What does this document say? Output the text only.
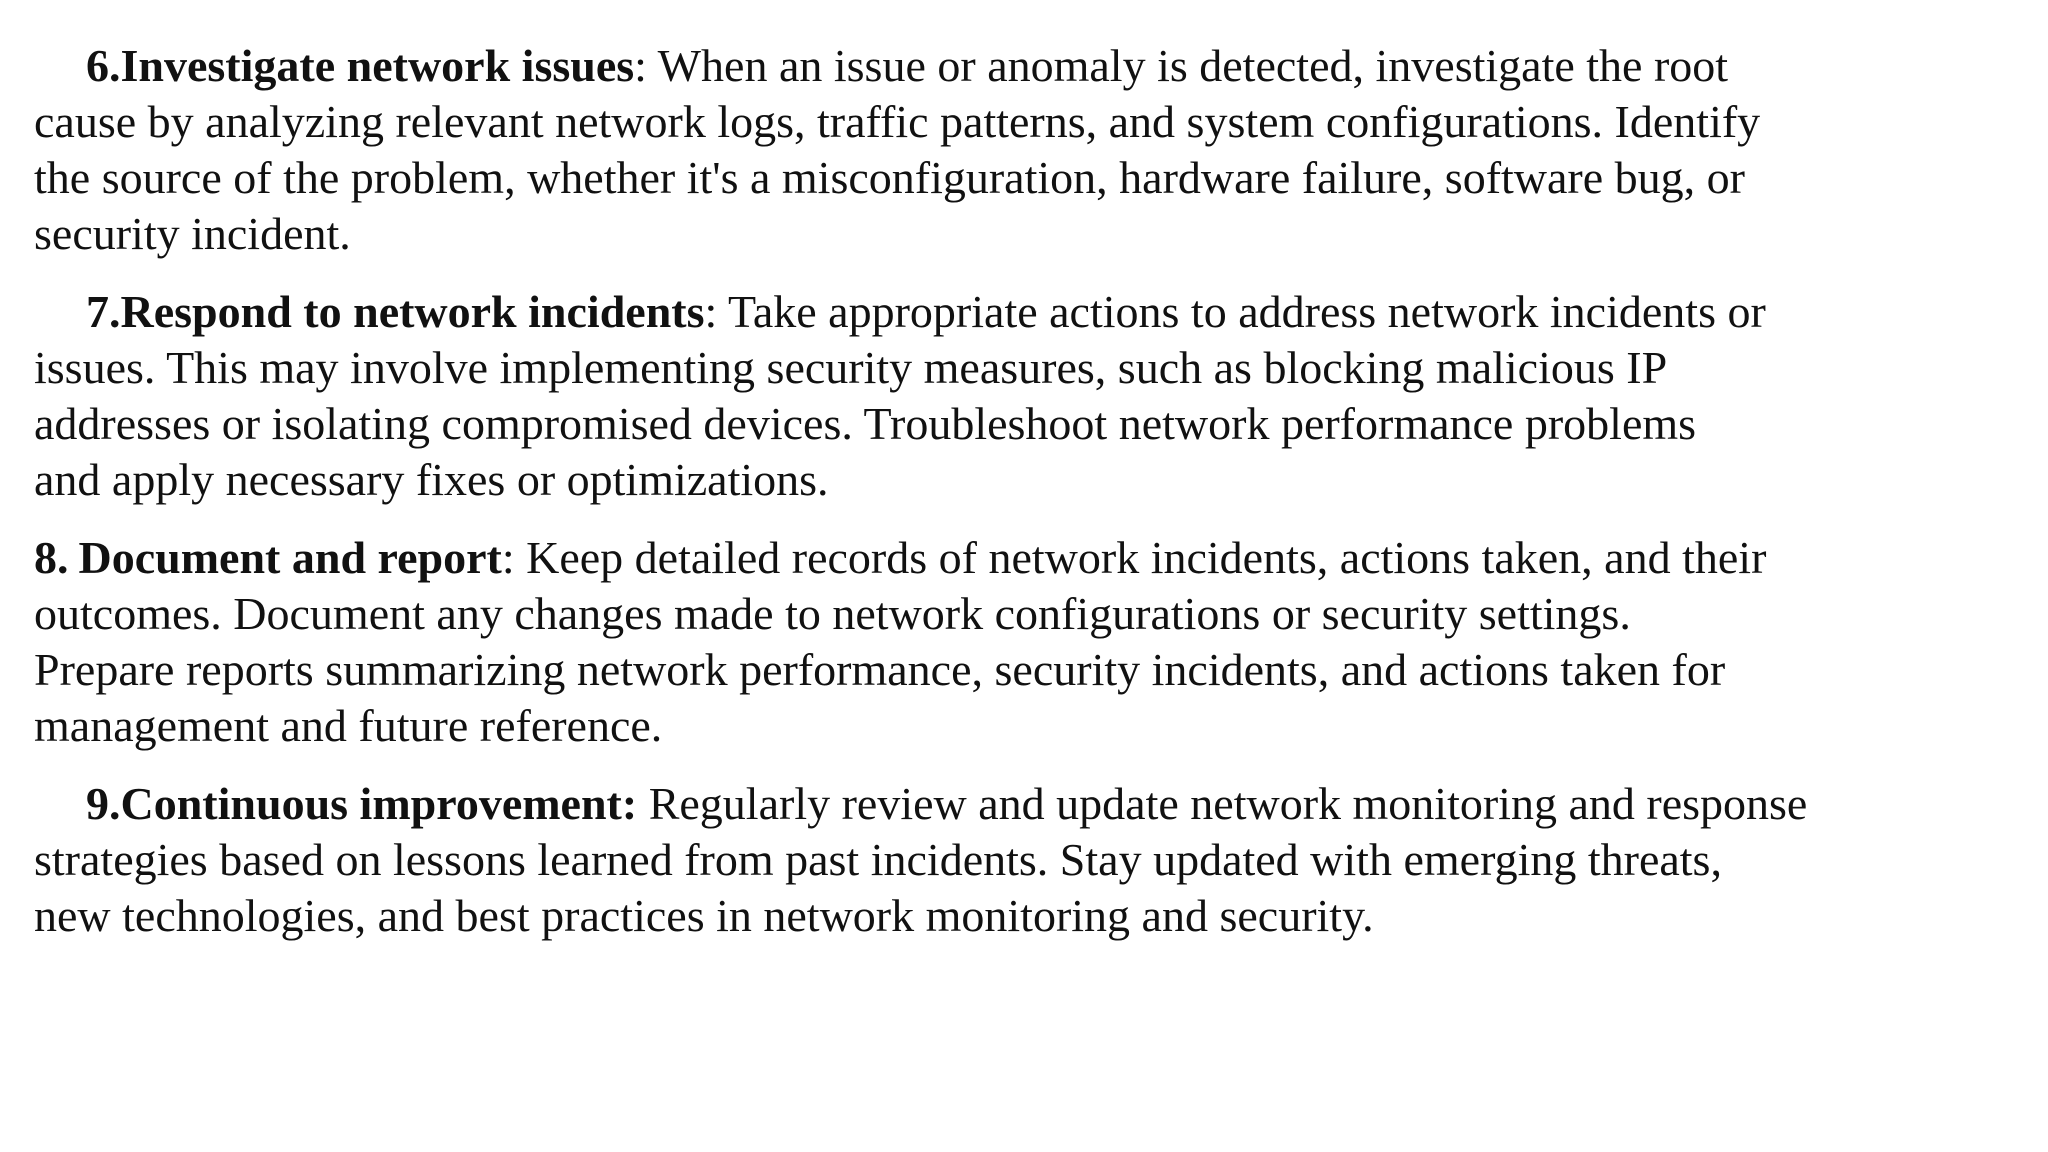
6.Investigate network issues: When an issue or anomaly is detected, investigate the root
cause by analyzing relevant network logs, traffic patterns, and system configurations. Identify
the source of the problem, whether it's a misconfiguration, hardware failure, software bug, or
security incident.

7.Respond to network incidents: Take appropriate actions to address network incidents or
issues. This may involve implementing security measures, such as blocking malicious IP
addresses or isolating compromised devices. Troubleshoot network performance problems
and apply necessary fixes or optimizations.

8. Document and report: Keep detailed records of network incidents, actions taken, and their
outcomes. Document any changes made to network configurations or security settings.
Prepare reports summarizing network performance, security incidents, and actions taken for
management and future reference.

9.Continuous improvement: Regularly review and update network monitoring and response
strategies based on lessons learned from past incidents. Stay updated with emerging threats,
new technologies, and best practices in network monitoring and security.
